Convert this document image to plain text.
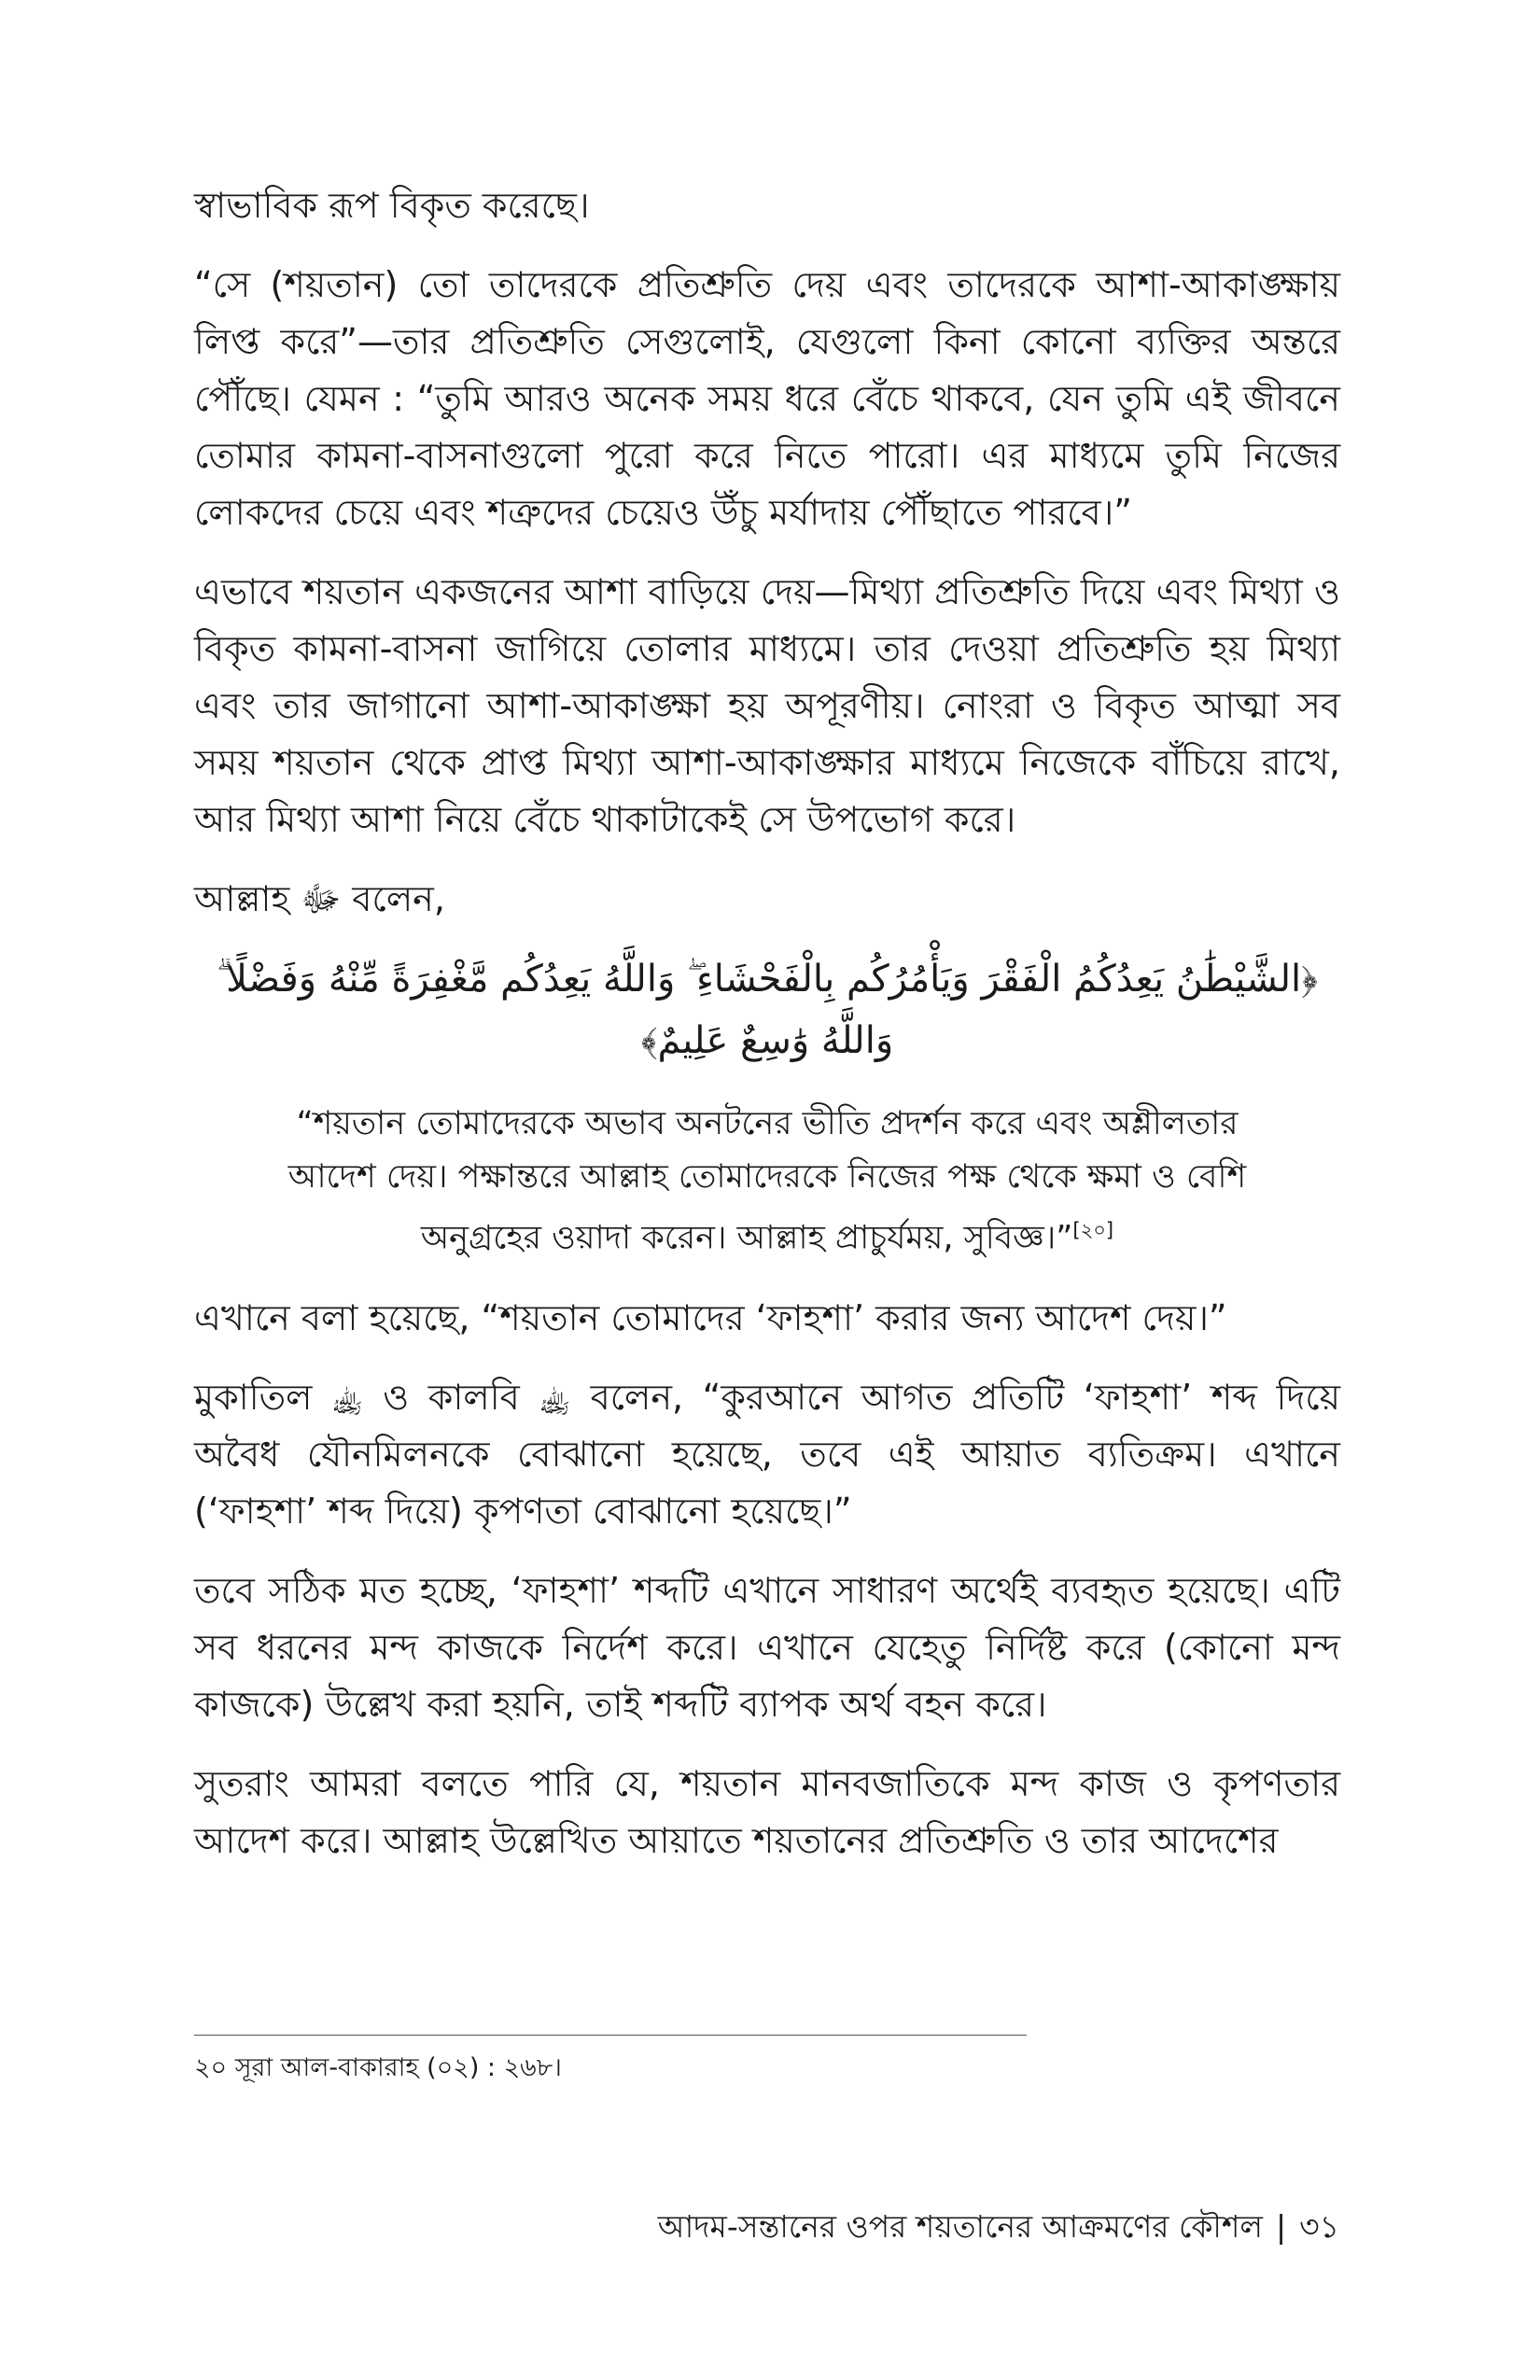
স্বাভাবিক রূপ বিকৃত করেছে।

“সে (শয়তান) তো তাদেরকে প্রতিশ্রুতি দেয় এবং তাদেরকে আশা-আকাঙ্ক্ষায় লিপ্ত করে”—তার প্রতিশ্রুতি সেগুলোই, যেগুলো কিনা কোনো ব্যক্তির অন্তরে পৌঁছে। যেমন : “তুমি আরও অনেক সময় ধরে বেঁচে থাকবে, যেন তুমি এই জীবনে তোমার কামনা-বাসনাগুলো পুরো করে নিতে পারো। এর মাধ্যমে তুমি নিজের লোকদের চেয়ে এবং শত্রুদের চেয়েও উঁচু মর্যাদায় পৌঁছাতে পারবে।”

এভাবে শয়তান একজনের আশা বাড়িয়ে দেয়—মিথ্যা প্রতিশ্রুতি দিয়ে এবং মিথ্যা ও বিকৃত কামনা-বাসনা জাগিয়ে তোলার মাধ্যমে। তার দেওয়া প্রতিশ্রুতি হয় মিথ্যা এবং তার জাগানো আশা-আকাঙ্ক্ষা হয় অপূরণীয়। নোংরা ও বিকৃত আত্মা সব সময় শয়তান থেকে প্রাপ্ত মিথ্যা আশা-আকাঙ্ক্ষার মাধ্যমে নিজেকে বাঁচিয়ে রাখে, আর মিথ্যা আশা নিয়ে বেঁচে থাকাটাকেই সে উপভোগ করে।

আল্লাহ ﷻ বলেন,

﴿الشَّيْطَٰنُ يَعِدُكُمُ الْفَقْرَ وَيَأْمُرُكُم بِالْفَحْشَاءِ ۖ وَاللَّهُ يَعِدُكُم مَّغْفِرَةً مِّنْهُ وَفَضْلًا ۗ وَاللَّهُ وَٰسِعٌ عَلِيمٌ﴾
“শয়তান তোমাদেরকে অভাব অনটনের ভীতি প্রদর্শন করে এবং অশ্লীলতার আদেশ দেয়। পক্ষান্তরে আল্লাহ তোমাদেরকে নিজের পক্ষ থেকে ক্ষমা ও বেশি অনুগ্রহের ওয়াদা করেন। আল্লাহ প্রাচুর্যময়, সুবিজ্ঞ।”[২০]

এখানে বলা হয়েছে, “শয়তান তোমাদের ‘ফাহশা’ করার জন্য আদেশ দেয়।”

মুকাতিল ﵀ ও কালবি ﵀ বলেন, “কুরআনে আগত প্রতিটি ‘ফাহশা’ শব্দ দিয়ে অবৈধ যৌনমিলনকে বোঝানো হয়েছে, তবে এই আয়াত ব্যতিক্রম। এখানে (‘ফাহশা’ শব্দ দিয়ে) কৃপণতা বোঝানো হয়েছে।”

তবে সঠিক মত হচ্ছে, ‘ফাহশা’ শব্দটি এখানে সাধারণ অর্থেই ব্যবহৃত হয়েছে। এটি সব ধরনের মন্দ কাজকে নির্দেশ করে। এখানে যেহেতু নির্দিষ্ট করে (কোনো মন্দ কাজকে) উল্লেখ করা হয়নি, তাই শব্দটি ব্যাপক অর্থ বহন করে।

সুতরাং আমরা বলতে পারি যে, শয়তান মানবজাতিকে মন্দ কাজ ও কৃপণতার আদেশ করে। আল্লাহ উল্লেখিত আয়াতে শয়তানের প্রতিশ্রুতি ও তার আদেশের

২০ সূরা আল-বাকারাহ (০২) : ২৬৮।
আদম-সন্তানের ওপর শয়তানের আক্রমণের কৌশল | ৩১
